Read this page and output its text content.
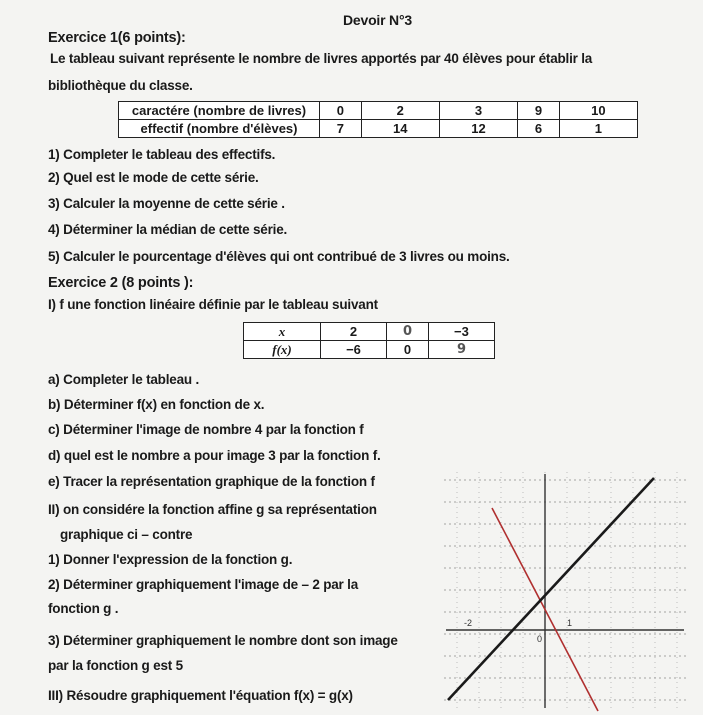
Devoir N°3
Exercice 1(6 points):
Le tableau suivant représente le nombre de livres apportés par 40 élèves pour établir la
bibliothèque du classe.
caractére (nombre de livres)	0	2	3	9	10
effectif (nombre d'élèves)	7	14	12	6	1
1) Completer le tableau des effectifs.
2) Quel est le mode de cette série.
3) Calculer la moyenne de cette série .
4) Déterminer la médian de cette série.
5) Calculer le pourcentage d'élèves qui ont contribué de 3 livres ou moins.
Exercice 2 (8 points ):
I) f une fonction linéaire définie par le tableau suivant
x	2	0	−3
f(x)	−6	0	9
a) Completer le tableau .
b) Déterminer f(x) en fonction de x.
c) Déterminer l'image de nombre 4 par la fonction f
d) quel est le nombre a pour image 3 par la fonction f.
e) Tracer la représentation graphique de la fonction f
II) on considére la fonction affine g sa représentation
graphique ci – contre
1) Donner l'expression de la fonction g.
2) Déterminer graphiquement l'image de – 2 par la
fonction g .
3) Déterminer graphiquement le nombre dont son image
par la fonction g est 5
III) Résoudre graphiquement l'équation f(x) = g(x)
-2
0
1
